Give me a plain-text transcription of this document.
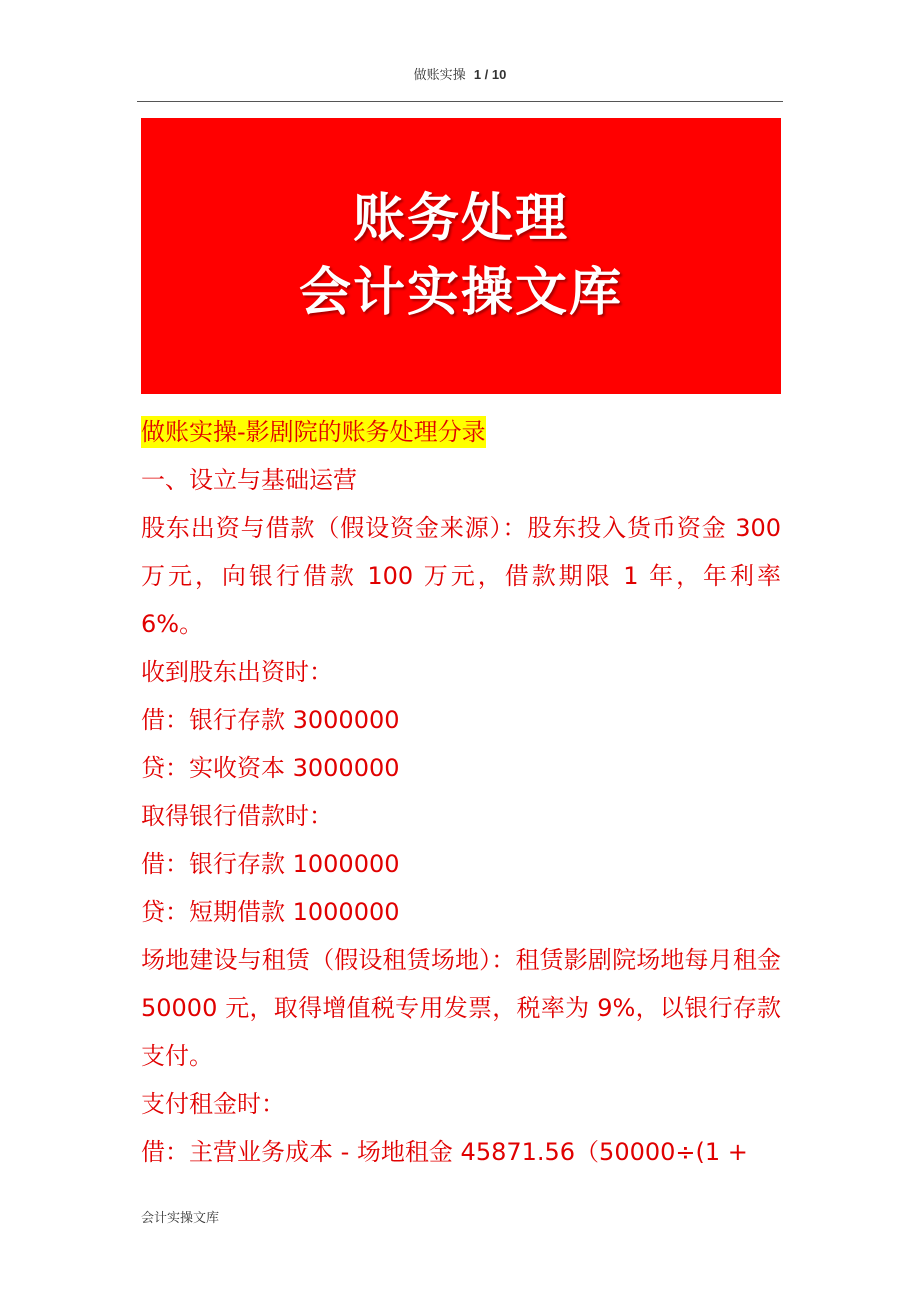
做账实操 1 / 10
账务处理
会计实操文库
做账实操-影剧院的账务处理分录
一、设立与基础运营
股东出资与借款（假设资金来源）：股东投入货币资金 300 万元，向银行借款 100 万元，借款期限 1 年，年利率 6%。
收到股东出资时：
借：银行存款 3000000
贷：实收资本 3000000
取得银行借款时：
借：银行存款 1000000
贷：短期借款 1000000
场地建设与租赁（假设租赁场地）：租赁影剧院场地每月租金 50000 元，取得增值税专用发票，税率为 9%，以银行存款支付。
支付租金时：
借：主营业务成本 - 场地租金 45871.56（50000÷(1 +
会计实操文库
